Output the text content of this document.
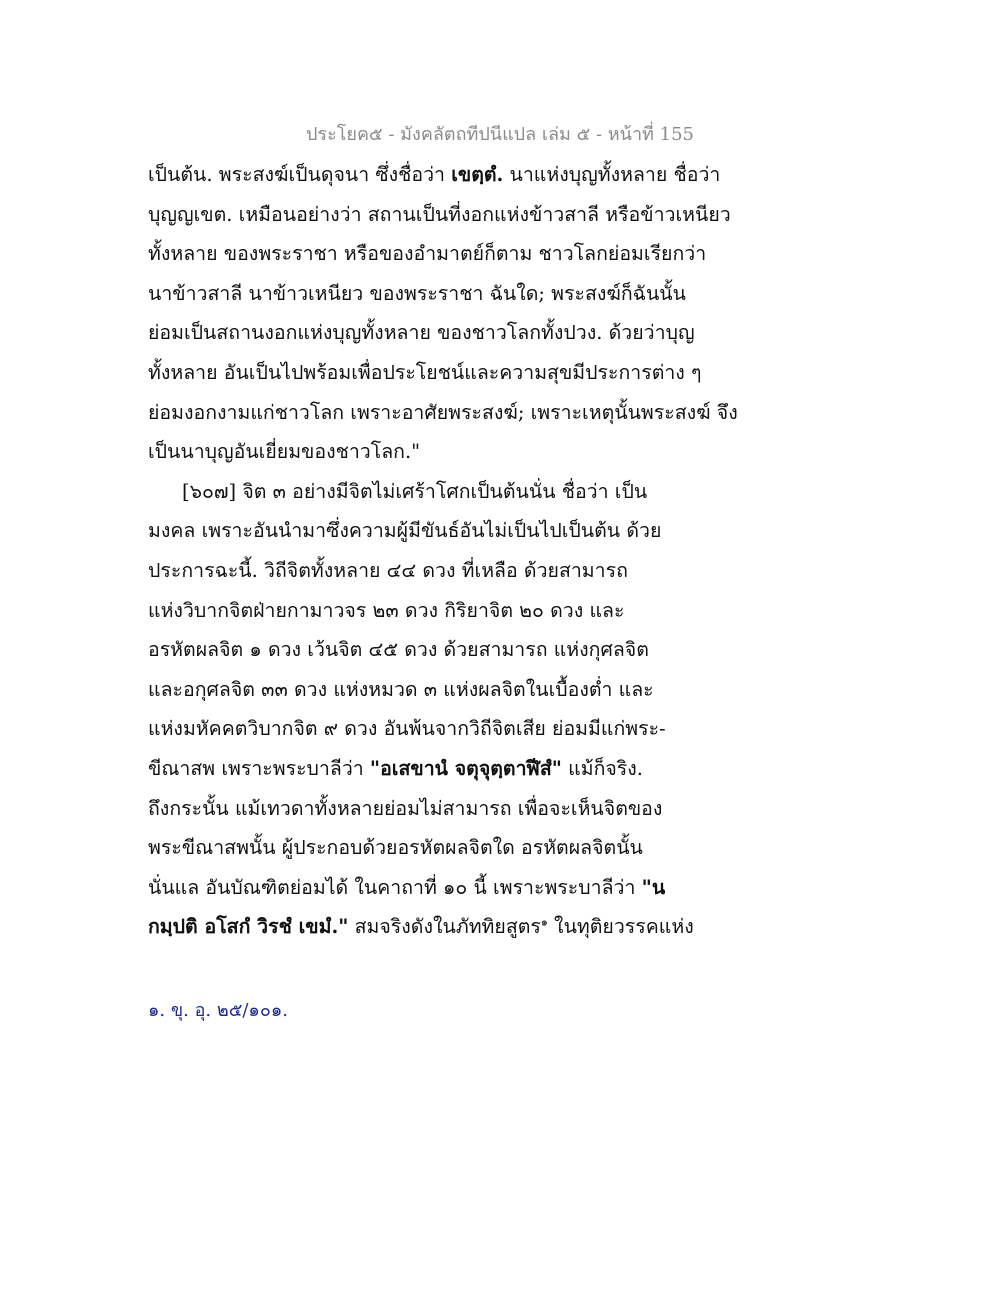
ประโยค๕ - มังคลัตถทีปนีแปล เล่ม ๕ - หน้าที่ 155
เป็นต้น. พระสงฆ์เป็นดุจนา ซึ่งชื่อว่า เขตฺตํ. นาแห่งบุญทั้งหลาย ชื่อว่า
บุญญเขต. เหมือนอย่างว่า สถานเป็นที่งอกแห่งข้าวสาลี หรือข้าวเหนียว
ทั้งหลาย ของพระราชา หรือของอำมาตย์ก็ตาม ชาวโลกย่อมเรียกว่า
นาข้าวสาลี นาข้าวเหนียว ของพระราชา ฉันใด; พระสงฆ์ก็ฉันนั้น
ย่อมเป็นสถานงอกแห่งบุญทั้งหลาย ของชาวโลกทั้งปวง. ด้วยว่าบุญ
ทั้งหลาย อันเป็นไปพร้อมเพื่อประโยชน์และความสุขมีประการต่าง ๆ
ย่อมงอกงามแก่ชาวโลก เพราะอาศัยพระสงฆ์; เพราะเหตุนั้นพระสงฆ์ จึง
เป็นนาบุญอันเยี่ยมของชาวโลก."
[๖๐๗] จิต ๓ อย่างมีจิตไม่เศร้าโศกเป็นต้นนั่น ชื่อว่า เป็น
มงคล เพราะอันนำมาซึ่งความผู้มีขันธ์อันไม่เป็นไปเป็นต้น ด้วย
ประการฉะนี้. วิถีจิตทั้งหลาย ๔๔ ดวง ที่เหลือ ด้วยสามารถ
แห่งวิบากจิตฝ่ายกามาวจร ๒๓ ดวง กิริยาจิต ๒๐ ดวง และ
อรหัตผลจิต ๑ ดวง เว้นจิต ๔๕ ดวง ด้วยสามารถ แห่งกุศลจิต
และอกุศลจิต ๓๓ ดวง แห่งหมวด ๓ แห่งผลจิตในเบื้องต่ำ และ
แห่งมหัคคตวิบากจิต ๙ ดวง อันพ้นจากวิถีจิตเสีย ย่อมมีแก่พระ-
ขีณาสพ เพราะพระบาลีว่า "อเสขานํ จตุจุตฺตาฬีสํ" แม้ก็จริง.
ถึงกระนั้น แม้เทวดาทั้งหลายย่อมไม่สามารถ เพื่อจะเห็นจิตของ
พระขีณาสพนั้น ผู้ประกอบด้วยอรหัตผลจิตใด อรหัตผลจิตนั้น
นั่นแล อันบัณฑิตย่อมได้ ในคาถาที่ ๑๐ นี้ เพราะพระบาลีว่า "น
กมฺปติ อโสกํ วิรชํ เขมํ." สมจริงดังในภัททิยสูตร$^๑$ ในทุติยวรรคแห่ง
๑. ขุ. อุ. ๒๕/๑๐๑.
